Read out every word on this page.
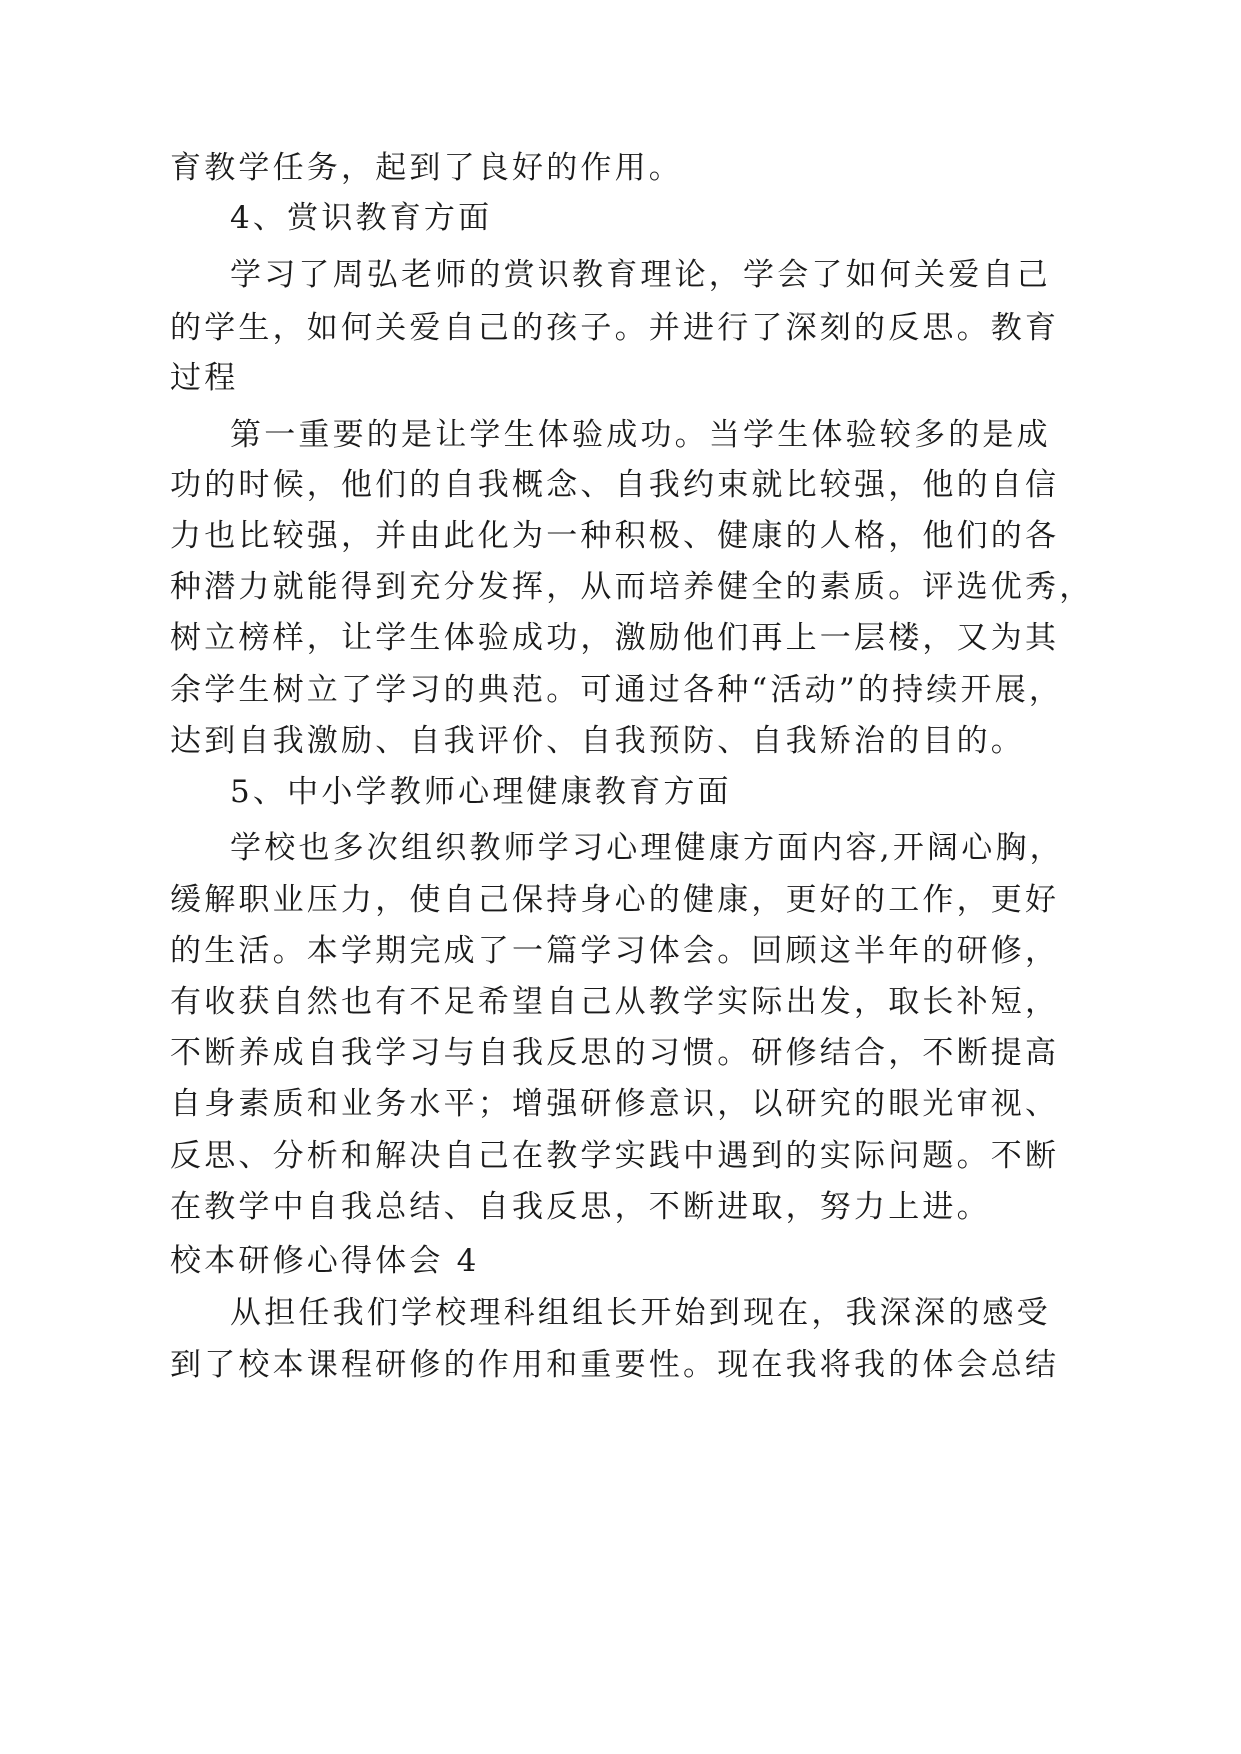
育教学任务，起到了良好的作用。

4、赏识教育方面

学习了周弘老师的赏识教育理论，学会了如何关爱自己

的学生，如何关爱自己的孩子。并进行了深刻的反思。教育

过程

第一重要的是让学生体验成功。当学生体验较多的是成

功的时候，他们的自我概念、自我约束就比较强，他的自信

力也比较强，并由此化为一种积极、健康的人格，他们的各

种潜力就能得到充分发挥，从而培养健全的素质。评选优秀，

树立榜样，让学生体验成功，激励他们再上一层楼，又为其

余学生树立了学习的典范。可通过各种“活动”的持续开展，

达到自我激励、自我评价、自我预防、自我矫治的目的。

5、中小学教师心理健康教育方面

学校也多次组织教师学习心理健康方面内容,开阔心胸，

缓解职业压力，使自己保持身心的健康，更好的工作，更好

的生活。本学期完成了一篇学习体会。回顾这半年的研修，

有收获自然也有不足希望自己从教学实际出发，取长补短，

不断养成自我学习与自我反思的习惯。研修结合，不断提高

自身素质和业务水平；增强研修意识，以研究的眼光审视、

反思、分析和解决自己在教学实践中遇到的实际问题。不断

在教学中自我总结、自我反思，不断进取，努力上进。

校本研修心得体会 4

从担任我们学校理科组组长开始到现在，我深深的感受

到了校本课程研修的作用和重要性。现在我将我的体会总结
